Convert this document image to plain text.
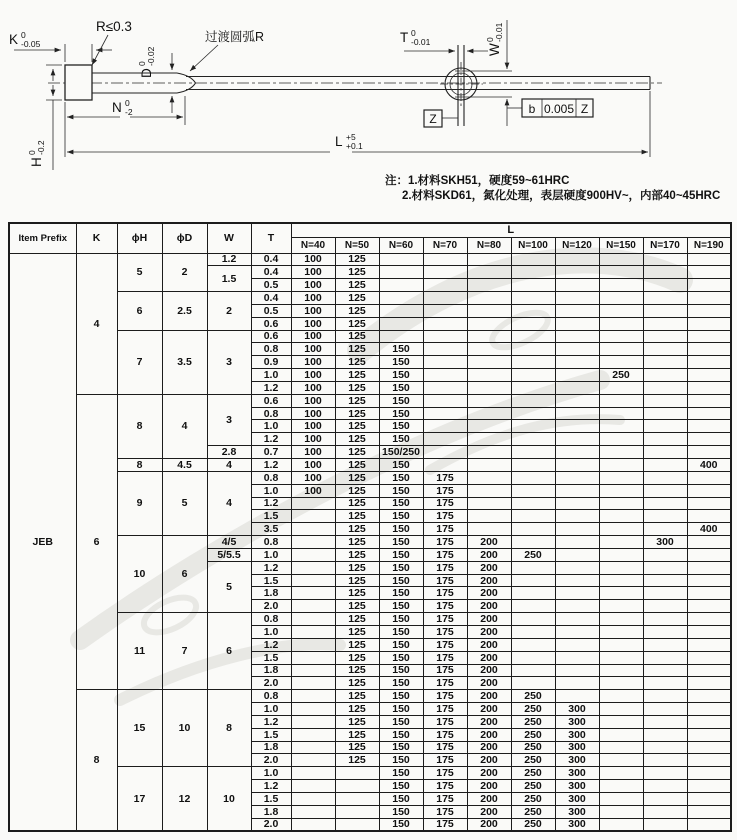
K 0 -0.05
R≤0.3
D0-0.02
过渡圆弧R
N 0 -2
L +5 +0.1
H0-0.2
T 0 -0.01
W0-0.01
Z
b 0.005 Z
注：1.材料SKH51，硬度59~61HRC
2.材料SKD61，氮化处理，表层硬度900HV~，内部40~45HRC
Item Prefix	K	ϕH	ϕD	W	T	L									
						N=40	N=50	N=60	N=70	N=80	N=100	N=120	N=150	N=170	N=190
JEB	4	5	2	1.2	0.4	100	125								
				1.5	0.4	100	125								
					0.5	100	125								
		6	2.5	2	0.4	100	125								
					0.5	100	125								
					0.6	100	125								
		7	3.5	3	0.6	100	125								
					0.8	100	125	150							
					0.9	100	125	150							
					1.0	100	125	150					250		
					1.2	100	125	150							
	6	8	4	3	0.6	100	125	150							
					0.8	100	125	150							
					1.0	100	125	150							
					1.2	100	125	150							
				2.8	0.7	100	125	150/250							
		8	4.5	4	1.2	100	125	150							400
		9	5	4	0.8	100	125	150	175						
					1.0	100	125	150	175						
					1.2		125	150	175						
					1.5		125	150	175						
					3.5		125	150	175						400
		10	6	4/5	0.8		125	150	175	200				300	
				5/5.5	1.0		125	150	175	200	250				
				5	1.2		125	150	175	200					
					1.5		125	150	175	200					
					1.8		125	150	175	200					
					2.0		125	150	175	200					
		11	7	6	0.8		125	150	175	200					
					1.0		125	150	175	200					
					1.2		125	150	175	200					
					1.5		125	150	175	200					
					1.8		125	150	175	200					
					2.0		125	150	175	200					
	8	15	10	8	0.8		125	150	175	200	250				
					1.0		125	150	175	200	250	300			
					1.2		125	150	175	200	250	300			
					1.5		125	150	175	200	250	300			
					1.8		125	150	175	200	250	300			
					2.0		125	150	175	200	250	300			
		17	12	10	1.0			150	175	200	250	300			
					1.2			150	175	200	250	300			
					1.5			150	175	200	250	300			
					1.8			150	175	200	250	300			
					2.0			150	175	200	250	300			
